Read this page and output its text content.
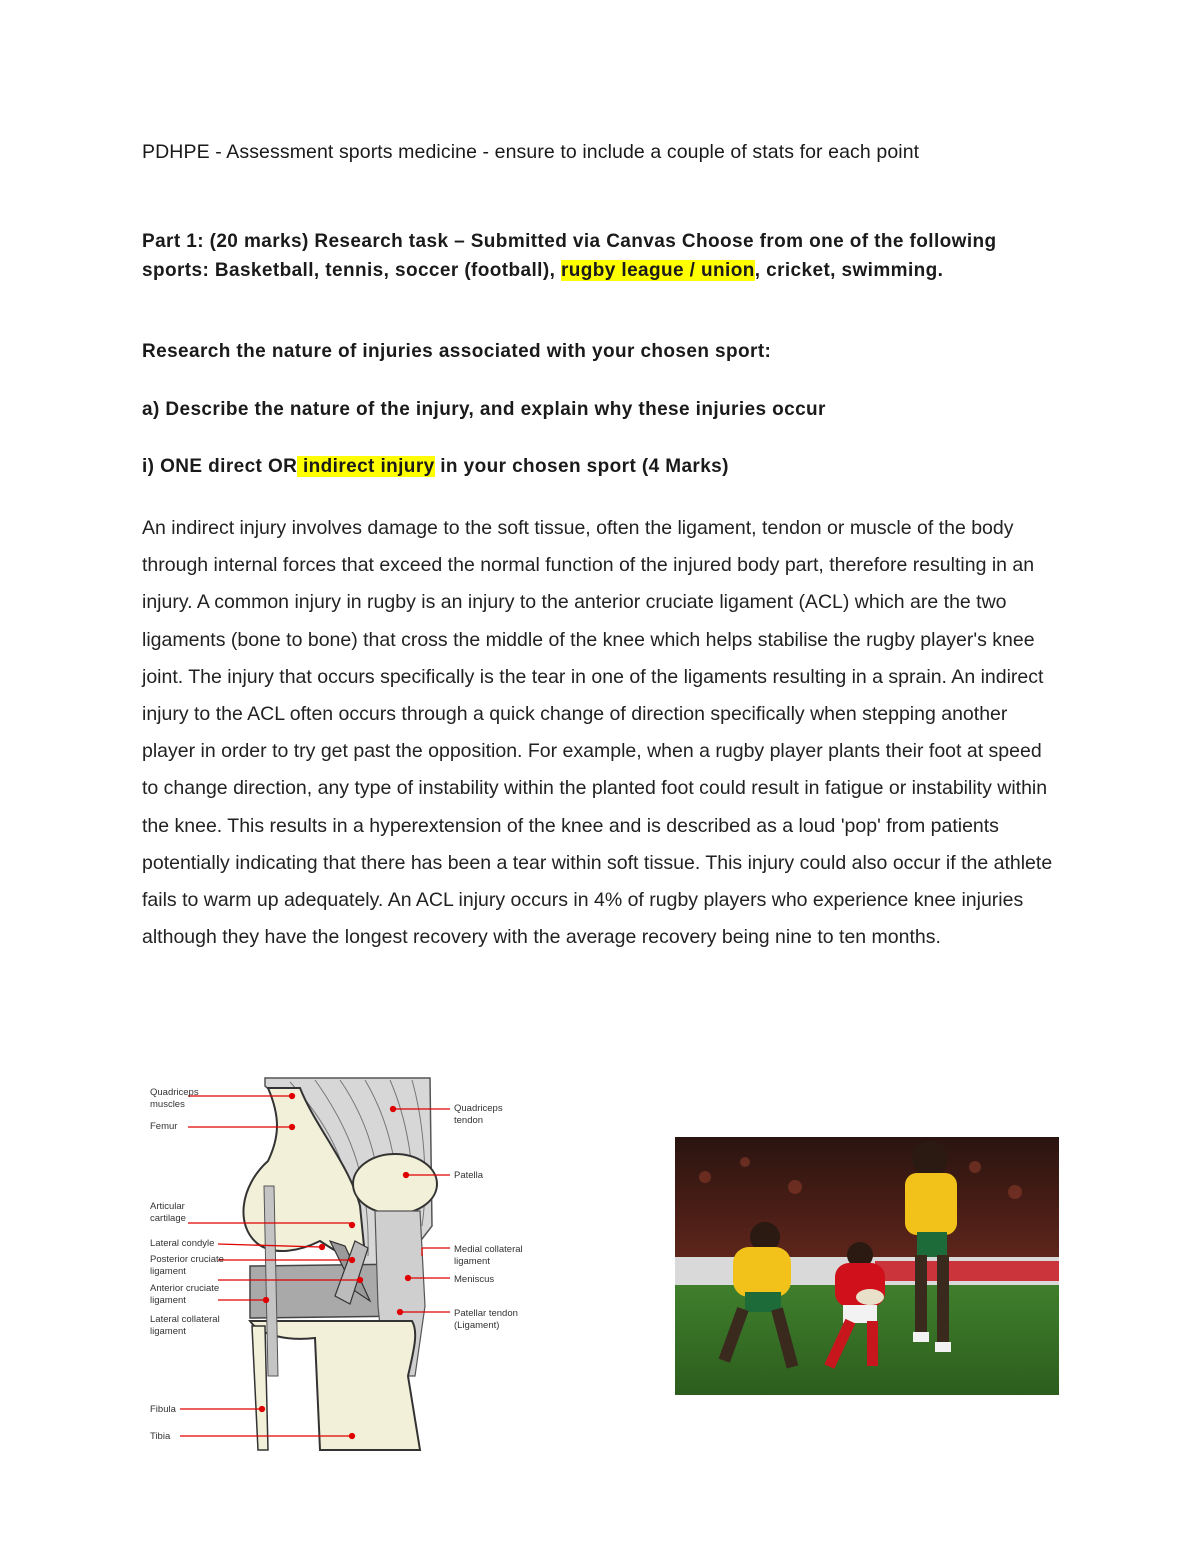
PDHPE - Assessment sports medicine - ensure to include a couple of stats for each point
Part 1: (20 marks) Research task – Submitted via Canvas Choose from one of the following sports: Basketball, tennis, soccer (football), rugby league / union, cricket, swimming.
Research the nature of injuries associated with your chosen sport:
a) Describe the nature of the injury, and explain why these injuries occur
i) ONE direct OR indirect injury in your chosen sport (4 Marks)

An indirect injury involves damage to the soft tissue, often the ligament, tendon or muscle of the body through internal forces that exceed the normal function of the injured body part, therefore resulting in an injury. A common injury in rugby is an injury to the anterior cruciate ligament (ACL) which are the two ligaments (bone to bone) that cross the middle of the knee which helps stabilise the rugby player's knee joint. The injury that occurs specifically is the tear in one of the ligaments resulting in a sprain. An indirect injury to the ACL often occurs through a quick change of direction specifically when stepping another player in order to try get past the opposition. For example, when a rugby player plants their foot at speed to change direction, any type of instability within the planted foot could result in fatigue or instability within the knee. This results in a hyperextension of the knee and is described as a loud 'pop' from patients potentially indicating that there has been a tear within soft tissue. This injury could also occur if the athlete fails to warm up adequately. An ACL injury occurs in 4% of rugby players who experience knee injuries although they have the longest recovery with the average recovery being nine to ten months.

Quadriceps
muscles
Femur
Articular
cartilage
Lateral condyle
Posterior cruciate
ligament
Anterior cruciate
ligament
Lateral collateral
ligament
Fibula
Tibia
Quadriceps
tendon
Patella
Medial collateral
ligament
Meniscus
Patellar tendon
(Ligament)
